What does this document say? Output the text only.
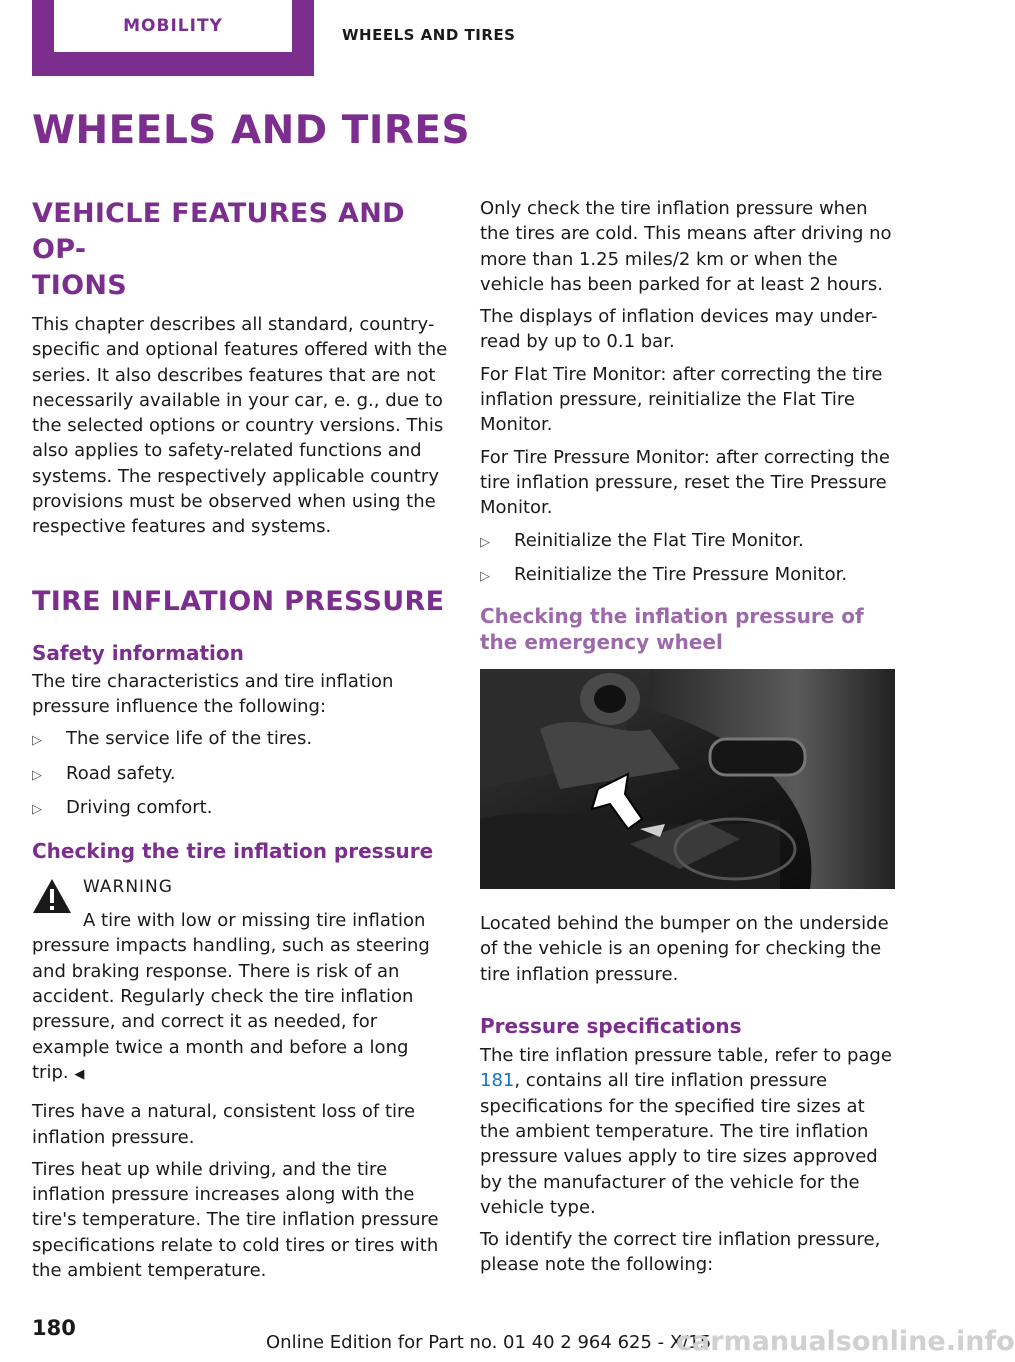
MOBILITY	WHEELS AND TIRES
WHEELS AND TIRES
VEHICLE FEATURES AND OP-
TIONS

This chapter describes all standard, country-specific and optional features offered with the series. It also describes features that are not necessarily available in your car, e. g., due to the selected options or country versions. This also applies to safety-related functions and systems. The respectively applicable country provisions must be observed when using the respective features and systems.

TIRE INFLATION PRESSURE
Safety information

The tire characteristics and tire inflation pressure influence the following:

▷	The service life of the tires.
▷	Road safety.
▷	Driving comfort.
Checking the tire inflation pressure
WARNING

A tire with low or missing tire inflation pressure impacts handling, such as steering and braking response. There is risk of an accident. Regularly check the tire inflation pressure, and correct it as needed, for example twice a month and before a long trip. ◀

Tires have a natural, consistent loss of tire inflation pressure.

Tires heat up while driving, and the tire inflation pressure increases along with the tire's temperature. The tire inflation pressure specifications relate to cold tires or tires with the ambient temperature.

Only check the tire inflation pressure when the tires are cold. This means after driving no more than 1.25 miles/2 km or when the vehicle has been parked for at least 2 hours.

The displays of inflation devices may under-read by up to 0.1 bar.

For Flat Tire Monitor: after correcting the tire inflation pressure, reinitialize the Flat Tire Monitor.

For Tire Pressure Monitor: after correcting the tire inflation pressure, reset the Tire Pressure Monitor.

▷	Reinitialize the Flat Tire Monitor.
▷	Reinitialize the Tire Pressure Monitor.
Checking the inflation pressure of the emergency wheel

Located behind the bumper on the underside of the vehicle is an opening for checking the tire inflation pressure.

Pressure specifications

The tire inflation pressure table, refer to page 181, contains all tire inflation pressure specifications for the specified tire sizes at the ambient temperature. The tire inflation pressure values apply to tire sizes approved by the manufacturer of the vehicle for the vehicle type.

To identify the correct tire inflation pressure, please note the following:

180
Online Edition for Part no. 01 40 2 964 625 - X/15
carmanualsonline.info
